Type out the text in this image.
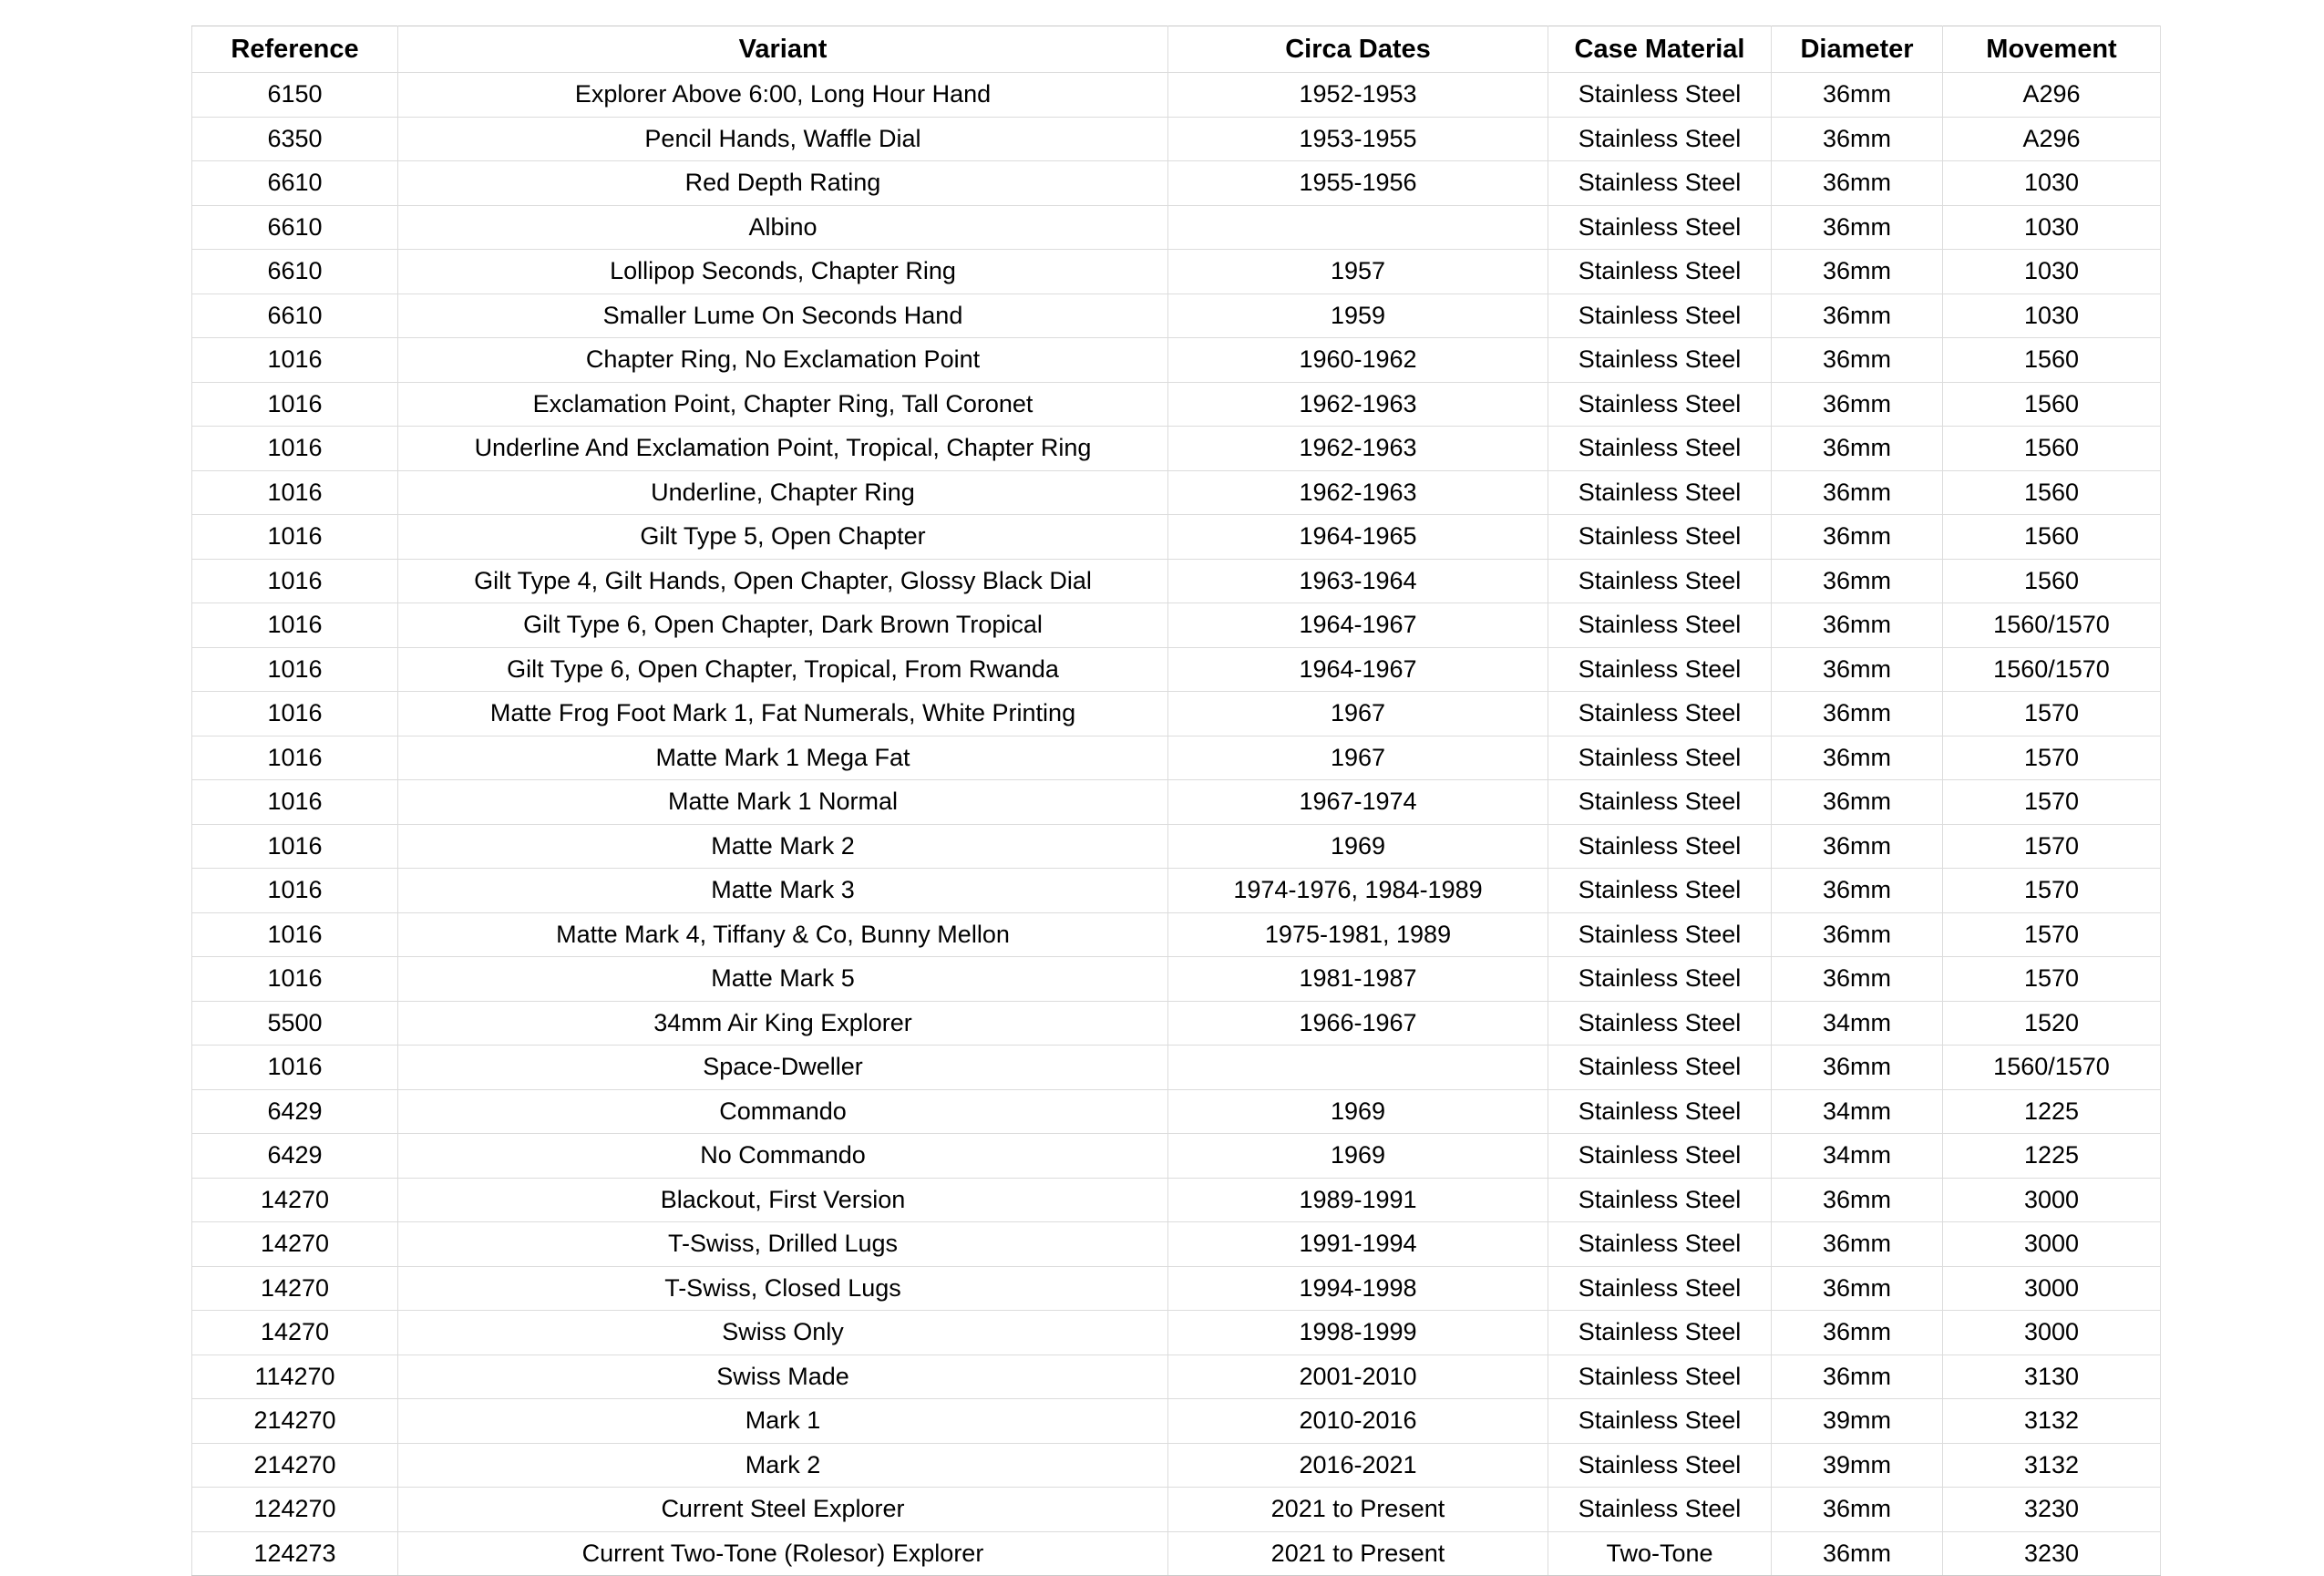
Reference	Variant	Circa Dates	Case Material	Diameter	Movement
6150	Explorer Above 6:00, Long Hour Hand	1952-1953	Stainless Steel	36mm	A296
6350	Pencil Hands, Waffle Dial	1953-1955	Stainless Steel	36mm	A296
6610	Red Depth Rating	1955-1956	Stainless Steel	36mm	1030
6610	Albino		Stainless Steel	36mm	1030
6610	Lollipop Seconds, Chapter Ring	1957	Stainless Steel	36mm	1030
6610	Smaller Lume On Seconds Hand	1959	Stainless Steel	36mm	1030
1016	Chapter Ring, No Exclamation Point	1960-1962	Stainless Steel	36mm	1560
1016	Exclamation Point, Chapter Ring, Tall Coronet	1962-1963	Stainless Steel	36mm	1560
1016	Underline And Exclamation Point, Tropical, Chapter Ring	1962-1963	Stainless Steel	36mm	1560
1016	Underline, Chapter Ring	1962-1963	Stainless Steel	36mm	1560
1016	Gilt Type 5, Open Chapter	1964-1965	Stainless Steel	36mm	1560
1016	Gilt Type 4, Gilt Hands, Open Chapter, Glossy Black Dial	1963-1964	Stainless Steel	36mm	1560
1016	Gilt Type 6, Open Chapter, Dark Brown Tropical	1964-1967	Stainless Steel	36mm	1560/1570
1016	Gilt Type 6, Open Chapter, Tropical, From Rwanda	1964-1967	Stainless Steel	36mm	1560/1570
1016	Matte Frog Foot Mark 1, Fat Numerals, White Printing	1967	Stainless Steel	36mm	1570
1016	Matte Mark 1 Mega Fat	1967	Stainless Steel	36mm	1570
1016	Matte Mark 1 Normal	1967-1974	Stainless Steel	36mm	1570
1016	Matte Mark 2	1969	Stainless Steel	36mm	1570
1016	Matte Mark 3	1974-1976, 1984-1989	Stainless Steel	36mm	1570
1016	Matte Mark 4, Tiffany & Co, Bunny Mellon	1975-1981, 1989	Stainless Steel	36mm	1570
1016	Matte Mark 5	1981-1987	Stainless Steel	36mm	1570
5500	34mm Air King Explorer	1966-1967	Stainless Steel	34mm	1520
1016	Space-Dweller		Stainless Steel	36mm	1560/1570
6429	Commando	1969	Stainless Steel	34mm	1225
6429	No Commando	1969	Stainless Steel	34mm	1225
14270	Blackout, First Version	1989-1991	Stainless Steel	36mm	3000
14270	T-Swiss, Drilled Lugs	1991-1994	Stainless Steel	36mm	3000
14270	T-Swiss, Closed Lugs	1994-1998	Stainless Steel	36mm	3000
14270	Swiss Only	1998-1999	Stainless Steel	36mm	3000
114270	Swiss Made	2001-2010	Stainless Steel	36mm	3130
214270	Mark 1	2010-2016	Stainless Steel	39mm	3132
214270	Mark 2	2016-2021	Stainless Steel	39mm	3132
124270	Current Steel Explorer	2021 to Present	Stainless Steel	36mm	3230
124273	Current Two-Tone (Rolesor) Explorer	2021 to Present	Two-Tone	36mm	3230
